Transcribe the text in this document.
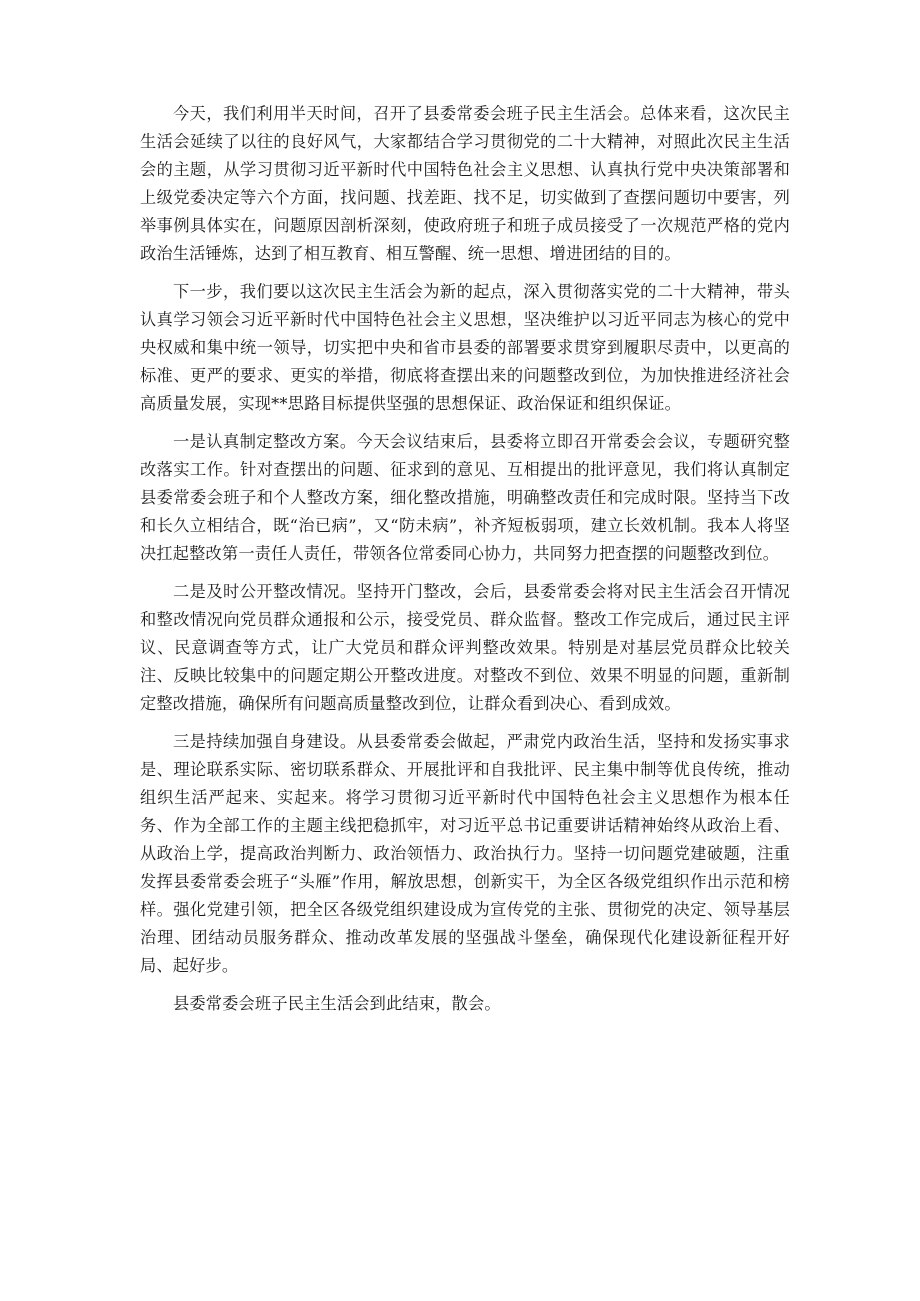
今天，我们利用半天时间，召开了县委常委会班子民主生活会。总体来看，这次民主生活会延续了以往的良好风气，大家都结合学习贯彻党的二十大精神，对照此次民主生活会的主题，从学习贯彻习近平新时代中国特色社会主义思想、认真执行党中央决策部署和上级党委决定等六个方面，找问题、找差距、找不足，切实做到了查摆问题切中要害，列举事例具体实在，问题原因剖析深刻，使政府班子和班子成员接受了一次规范严格的党内政治生活锤炼，达到了相互教育、相互警醒、统一思想、增进团结的目的。

下一步，我们要以这次民主生活会为新的起点，深入贯彻落实党的二十大精神，带头认真学习领会习近平新时代中国特色社会主义思想，坚决维护以习近平同志为核心的党中央权威和集中统一领导，切实把中央和省市县委的部署要求贯穿到履职尽责中，以更高的标准、更严的要求、更实的举措，彻底将查摆出来的问题整改到位，为加快推进经济社会高质量发展，实现**思路目标提供坚强的思想保证、政治保证和组织保证。

一是认真制定整改方案。今天会议结束后，县委将立即召开常委会会议，专题研究整改落实工作。针对查摆出的问题、征求到的意见、互相提出的批评意见，我们将认真制定县委常委会班子和个人整改方案，细化整改措施，明确整改责任和完成时限。坚持当下改和长久立相结合，既“治已病”，又“防未病”，补齐短板弱项，建立长效机制。我本人将坚决扛起整改第一责任人责任，带领各位常委同心协力，共同努力把查摆的问题整改到位。

二是及时公开整改情况。坚持开门整改，会后，县委常委会将对民主生活会召开情况和整改情况向党员群众通报和公示，接受党员、群众监督。整改工作完成后，通过民主评议、民意调查等方式，让广大党员和群众评判整改效果。特别是对基层党员群众比较关注、反映比较集中的问题定期公开整改进度。对整改不到位、效果不明显的问题，重新制定整改措施，确保所有问题高质量整改到位，让群众看到决心、看到成效。

三是持续加强自身建设。从县委常委会做起，严肃党内政治生活，坚持和发扬实事求是、理论联系实际、密切联系群众、开展批评和自我批评、民主集中制等优良传统，推动组织生活严起来、实起来。将学习贯彻习近平新时代中国特色社会主义思想作为根本任务、作为全部工作的主题主线把稳抓牢，对习近平总书记重要讲话精神始终从政治上看、从政治上学，提高政治判断力、政治领悟力、政治执行力。坚持一切问题党建破题，注重发挥县委常委会班子“头雁”作用，解放思想，创新实干，为全区各级党组织作出示范和榜样。强化党建引领，把全区各级党组织建设成为宣传党的主张、贯彻党的决定、领导基层治理、团结动员服务群众、推动改革发展的坚强战斗堡垒，确保现代化建设新征程开好局、起好步。

县委常委会班子民主生活会到此结束，散会。
